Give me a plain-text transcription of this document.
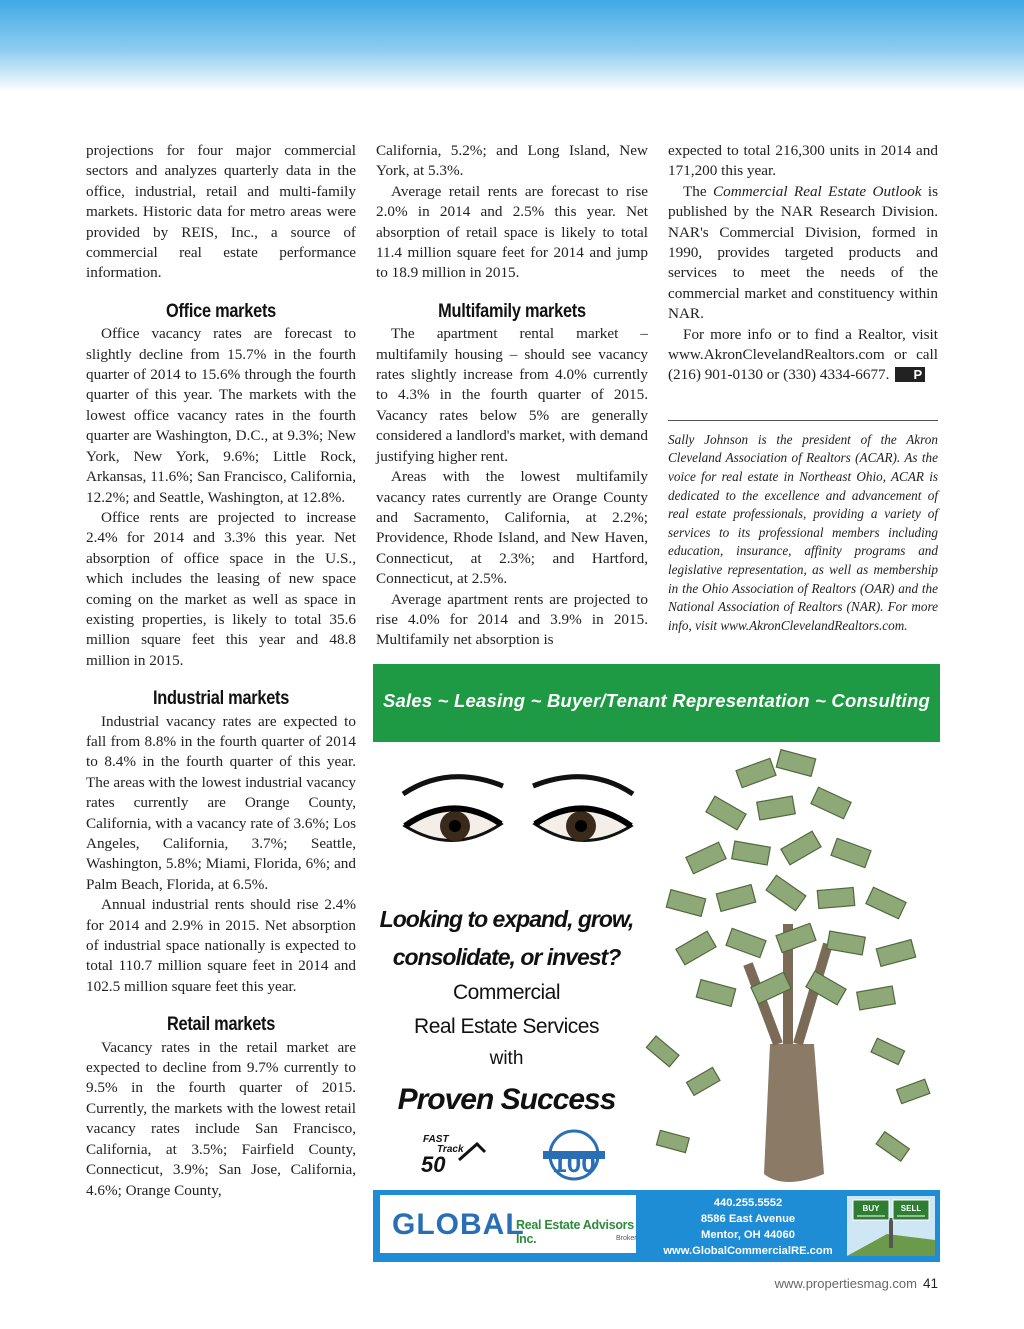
projections for four major commercial sectors and analyzes quarterly data in the office, industrial, retail and multi-family markets. Historic data for metro areas were provided by REIS, Inc., a source of commercial real estate performance information.

Office markets

Office vacancy rates are forecast to slightly decline from 15.7% in the fourth quarter of 2014 to 15.6% through the fourth quarter of this year. The markets with the lowest office vacancy rates in the fourth quarter are Washington, D.C., at 9.3%; New York, New York, 9.6%; Little Rock, Arkansas, 11.6%; San Francisco, California, 12.2%; and Seattle, Washington, at 12.8%.

Office rents are projected to increase 2.4% for 2014 and 3.3% this year. Net absorption of office space in the U.S., which includes the leasing of new space coming on the market as well as space in existing properties, is likely to total 35.6 million square feet this year and 48.8 million in 2015.

Industrial markets

Industrial vacancy rates are expected to fall from 8.8% in the fourth quarter of 2014 to 8.4% in the fourth quarter of this year. The areas with the lowest industrial vacancy rates currently are Orange County, California, with a vacancy rate of 3.6%; Los Angeles, California, 3.7%; Seattle, Washington, 5.8%; Miami, Florida, 6%; and Palm Beach, Florida, at 6.5%.

Annual industrial rents should rise 2.4% for 2014 and 2.9% in 2015. Net absorption of industrial space nationally is expected to total 110.7 million square feet in 2014 and 102.5 million square feet this year.

Retail markets

Vacancy rates in the retail market are expected to decline from 9.7% currently to 9.5% in the fourth quarter of 2015. Currently, the markets with the lowest retail vacancy rates include San Francisco, California, at 3.5%; Fairfield County, Connecticut, 3.9%; San Jose, California, 4.6%; Orange County,

California, 5.2%; and Long Island, New York, at 5.3%.

Average retail rents are forecast to rise 2.0% in 2014 and 2.5% this year. Net absorption of retail space is likely to total 11.4 million square feet for 2014 and jump to 18.9 million in 2015.

Multifamily markets

The apartment rental market – multifamily housing – should see vacancy rates slightly increase from 4.0% currently to 4.3% in the fourth quarter of 2015. Vacancy rates below 5% are generally considered a landlord's market, with demand justifying higher rent.

Areas with the lowest multifamily vacancy rates currently are Orange County and Sacramento, California, at 2.2%; Providence, Rhode Island, and New Haven, Connecticut, at 2.3%; and Hartford, Connecticut, at 2.5%.

Average apartment rents are projected to rise 4.0% for 2014 and 3.9% in 2015. Multifamily net absorption is

expected to total 216,300 units in 2014 and 171,200 this year.

The Commercial Real Estate Outlook is published by the NAR Research Division. NAR's Commercial Division, formed in 1990, provides targeted products and services to meet the needs of the commercial market and constituency within NAR.

For more info or to find a Realtor, visit www.AkronClevelandRealtors.com or call (216) 901-0130 or (330) 4334-6677. P

Sally Johnson is the president of the Akron Cleveland Association of Realtors (ACAR). As the voice for real estate in Northeast Ohio, ACAR is dedicated to the excellence and advancement of real estate professionals, providing a variety of services to its professional members including education, insurance, affinity programs and legislative representation, as well as membership in the Ohio Association of Realtors (OAR) and the National Association of Realtors (NAR). For more info, visit www.AkronClevelandRealtors.com.
Sales ~ Leasing ~ Buyer/Tenant Representation ~ Consulting
Looking to expand, grow,
consolidate, or invest?
Commercial
Real Estate Services
with
Proven Success
FAST
Track
50	100
GLOBAL
Real Estate Advisors Inc.	Broker
440.255.5552
8586 East Avenue
Mentor, OH 44060
www.GlobalCommercialRE.com
BUY	SELL
www.propertiesmag.com 41
